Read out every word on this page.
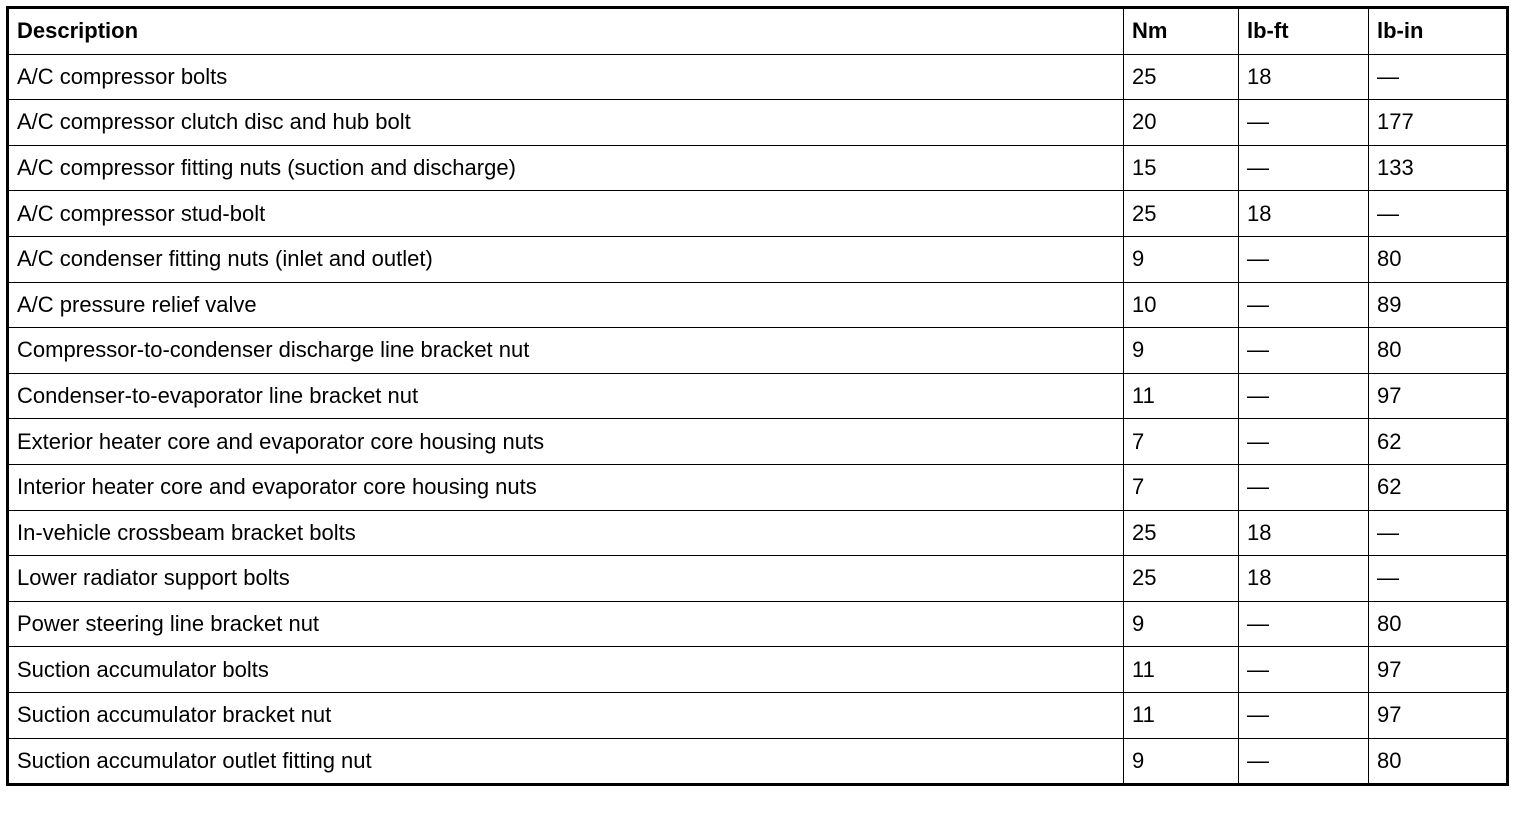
Description	Nm	lb-ft	lb-in
A/C compressor bolts	25	18	—
A/C compressor clutch disc and hub bolt	20	—	177
A/C compressor fitting nuts (suction and discharge)	15	—	133
A/C compressor stud-bolt	25	18	—
A/C condenser fitting nuts (inlet and outlet)	9	—	80
A/C pressure relief valve	10	—	89
Compressor-to-condenser discharge line bracket nut	9	—	80
Condenser-to-evaporator line bracket nut	11	—	97
Exterior heater core and evaporator core housing nuts	7	—	62
Interior heater core and evaporator core housing nuts	7	—	62
In-vehicle crossbeam bracket bolts	25	18	—
Lower radiator support bolts	25	18	—
Power steering line bracket nut	9	—	80
Suction accumulator bolts	11	—	97
Suction accumulator bracket nut	11	—	97
Suction accumulator outlet fitting nut	9	—	80
